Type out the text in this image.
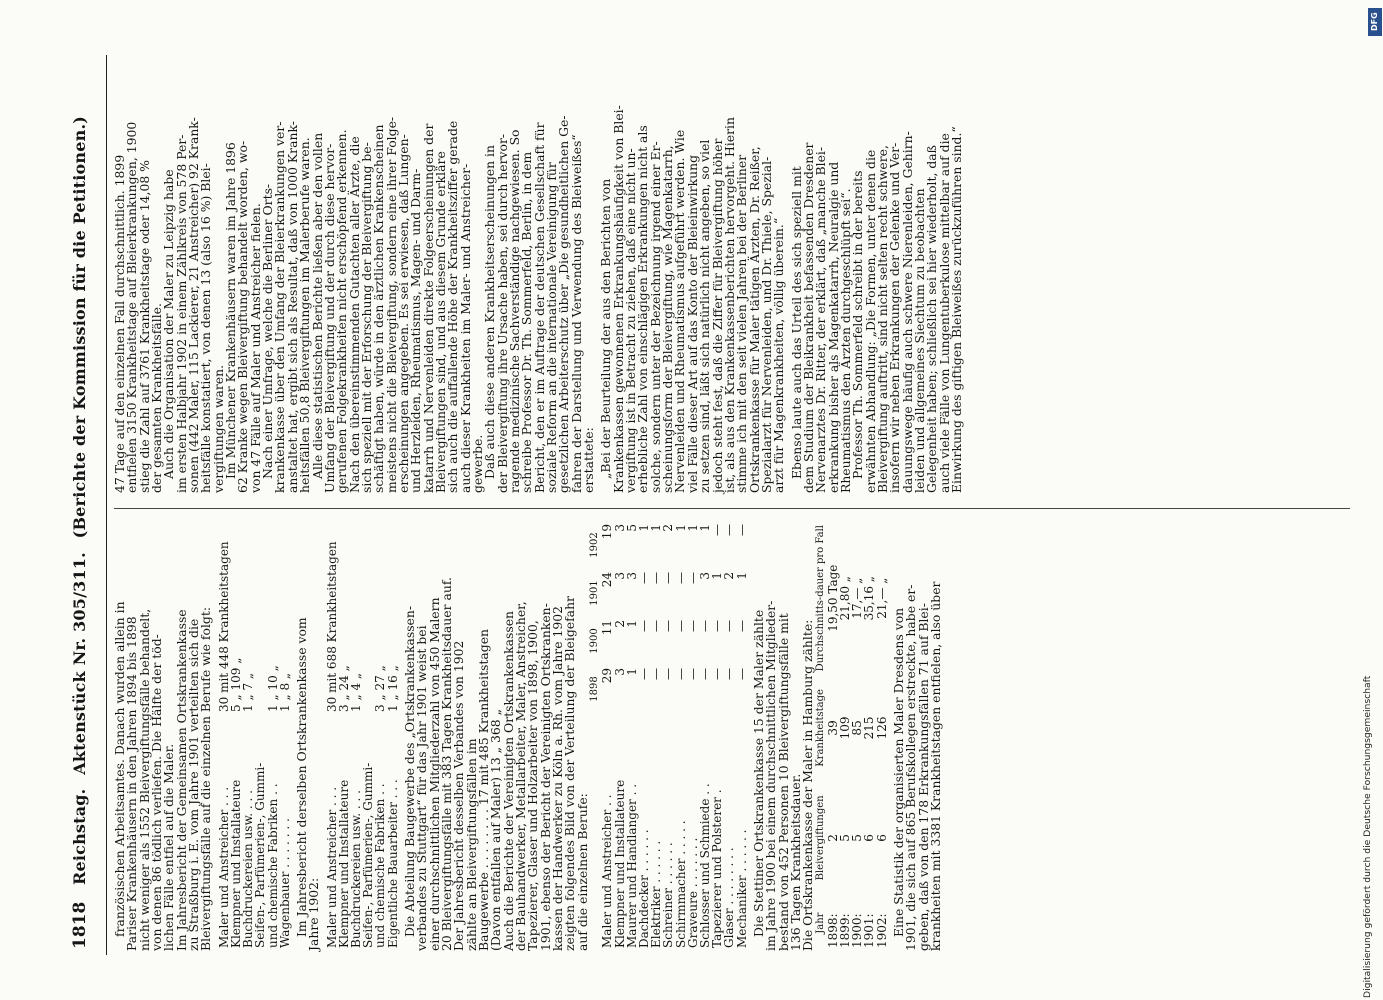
1818
Reichstag. Aktenstück Nr. 305/311. (Berichte der Kommission für die Petitionen.)
französischen Arbeitsamtes. Danach wurden allein in
Pariser Krankenhäusern in den Jahren 1894 bis 1898
nicht weniger als 1552 Bleivergiftungsfälle behandelt,
von denen 86 tödlich verliefen. Die Hälfte der töd-
lichen Fälle entfiel auf die Maler.
Im Jahresbericht der Gemeinsamen Ortskrankenkasse
zu Straßburg i. E. vom Jahre 1901 verteilten sich die
Bleivergiftungsfälle auf die einzelnen Berufe wie folgt: Maler und Anstreicher . . .	30 mit 448 Krankheitstagen
Klempner und Installateure	5 „ 109 „
Buchdruckereien usw. . . .	1 „ 7 „
Seifen-, Parfümerien-, Gummi-	
und chemische Fabriken . .	1 „ 10 „
Wagenbauer . . . . . . .	1 „ 8 „ Im Jahresbericht derselben Ortskrankenkasse vom
Jahre 1902: Maler und Anstreicher . . .	30 mit 688 Krankheitstagen
Klempner und Installateure	3 „ 24 „
Buchdruckereien usw. . . .	1 „ 4 „
Seifen-, Parfümerien-, Gummi-	
und chemische Fabriken . .	3 „ 27 „
Eigentliche Bauarbeiter . . .	1 „ 16 „ Die Abteilung Baugewerbe des „Ortskrankenkassen-
verbandes zu Stuttgart“ für das Jahr 1901 weist bei
einer durchschnittlichen Mitgliederzahl von 450 Malern
20 Bleivergiftungsfälle mit 383 Tagen Krankheitsdauer auf.
Der Jahresbericht desselben Verbandes von 1902
zählte an Bleivergiftungsfällen im
Baugewerbe . . . . . . . . 17 mit 485 Krankheitstagen
(Davon entfallen auf Maler) 13 „ 368 „
Auch die Berichte der Vereinigten Ortskrankenkassen
der Bauhandwerker, Metallarbeiter, Maler, Anstreicher,
Tapezierer, Glaser und Holzarbeiter von 1898, 1900,
1901, ebenso der Bericht der Vereinigten Ortskranken-
kassen der Handwerker zu Köln a. Rh. vom Jahre 1902
zeigten folgendes Bild von der Verteilung der Bleigefahr
auf die einzelnen Berufe:
	1898	1900	1901	1902
Maler und Anstreicher . .	29	11	24	19
Klempner und Installateure	3	2	3	3
Maurer und Handlanger . .	1	1	3	5
Dachdecker . . . . . .	—	—	—	1
Elektriker . . . . . .	—	—	—	1
Schreiner . . . . . .	—	—	—	2
Schirmmacher . . . . .	—	—	—	1
Graveure . . . . . . .	—	—	—	1
Schlosser und Schmiede . .	—	—	3	1
Tapezierer und Polsterer .	—	—	1	—
Glaser . . . . . . . .	—	—	2	—
Mechaniker . . . . . .	—	—	1	—
Die Stettiner Ortskrankenkasse 15 der Maler zählte
im Jahre 1900 bei einem durchschnittlichen Mitglieder-
bestand von 452 Personen 10 Bleivergiftungsfälle mit
136 Tagen Krankheitsdauer.
Die Ortskrankenkasse der Maler in Hamburg zählte: Jahr	Bleivergiftungen	Krankheitstage	Durchschnitts-dauer pro Fall
1898:	2	39	19,50 Tage
1899:	5	109	21,80 „
1900:	5	85	17,— „
1901:	6	215	35,16 „
1902:	6	126	21,— „
Eine Statistik der organisierten Maler Dresdens von
1901, die sich auf 865 Berufskollegen erstreckte, habe er-
geben, daß von den 178 Erkrankungsfällen 71 auf Blei-
krankheiten mit 3381 Krankheitstagen entfielen, also über
47 Tage auf den einzelnen Fall durchschnittlich. 1899
entfielen 3150 Krankheitstage auf Bleierkrankungen, 1900
stieg die Zahl auf 3761 Krankheitstage oder 14,08 %
der gesamten Krankheitsfälle.
Auch die Organisation der Maler zu Leipzig habe
im ersten Halbjahr 1902 in einem Zählkreis von 578 Per-
sonen (442 Maler, 115 Lackierer, 21 Anstreicher) 92 Krank-
heitsfälle konstatiert, von denen 13 (also 16 %) Blei-
vergiftungen waren.
Im Münchener Krankenhäusern waren im Jahre 1896
62 Kranke wegen Bleivergiftung behandelt worden, wo-
von 47 Fälle auf Maler und Anstreicher fielen.
Nach einer Umfrage, welche die Berliner Orts-
krankenkasse über den Umfang der Bleierkrankungen ver-
anstaltet hat, ergibt sich als Resultat, daß von 1000 Krank-
heitsfällen 50,8 Bleivergiftungen im Malerberufe waren.
Alle diese statistischen Berichte ließen aber den vollen
Umfang der Bleivergiftung und der durch diese hervor-
gerufenen Folgekrankheiten nicht erschöpfend erkennen.
Nach den übereinstimmenden Gutachten aller Ärzte, die
sich speziell mit der Erforschung der Bleivergiftung be-
schäftigt haben, würde in den ärztlichen Krankenscheinen
meistens nicht die Bleivergiftung, sondern eine ihrer Folge-
erscheinungen angegeben. Es sei erwiesen, daß Lungen-
und Herzleiden, Rheumatismus, Magen- und Darm-
katarrh und Nervenleiden direkte Folgeerscheinungen der
Bleivergiftungen sind, und aus diesem Grunde erkläre
sich auch die auffallende Höhe der Krankheitsziffer gerade
auch dieser Krankheiten im Maler- und Anstreicher-
gewerbe.
Daß auch diese anderen Krankheitserscheinungen in
der Bleivergiftung ihre Ursache haben, sei durch hervor-
ragende medizinische Sachverständige nachgewiesen. So
schreibe Professor Dr. Th. Sommerfeld, Berlin, in dem
Bericht, den er im Auftrage der deutschen Gesellschaft für
soziale Reform an die internationale Vereinigung für
gesetzlichen Arbeiterschutz über „Die gesundheitlichen Ge-
fahren der Darstellung und Verwendung des Bleiweißes“
erstattete: „Bei der Beurteilung der aus den Berichten von
Krankenkassen gewonnenen Erkrankungshäufigkeit von Blei-
vergiftung ist in Betracht zu ziehen, daß eine nicht un-
erhebliche Zahl von einschlägigen Erkrankungen nicht als
solche, sondern unter der Bezeichnung irgend einer Er-
scheinungsform der Bleivergiftung, wie Magenkatarrh,
Nervenleiden und Rheumatismus aufgeführt werden. Wie
viel Fälle dieser Art auf das Konto der Bleieinwirkung
zu setzen sind, läßt sich natürlich nicht angeben, so viel
jedoch steht fest, daß die Ziffer für Bleivergiftung höher
ist, als aus den Krankenkassenberichten hervorgeht. Hierin
stimme ich mit den seit vielen Jahren bei der Berliner
Ortskrankenkasse für Maler tätigen Ärzten, Dr. Reißer,
Spezialarzt für Nervenleiden, und Dr. Thiele, Spezial-
arzt für Magenkrankheiten, völlig überein.“ Ebenso laute auch das Urteil des sich speziell mit
dem Studium der Bleikrankheit befassenden Dresdener
Nervenarztes Dr. Ritter, der erklärt, daß „manche Blei-
erkrankung bisher als Magenkatarrh, Neuralgie und
Rheumatismus den Ärzten durchgeschlüpft sei“.
Professor Th. Sommerfeld schreibt in der bereits
erwähnten Abhandlung: „Die Formen, unter denen die
Bleivergiftung auftritt, sind nicht selten recht schwere,
insofern wir neben Erkrankungen der Gelenke und Ver-
dauungswege häufig auch schwere Nierenleiden, Gehirn-
leiden und allgemeines Siechtum zu beobachten
Gelegenheit haben; schließlich sei hier wiederholt, daß
auch viele Fälle von Lungentuberkulose mittelbar auf die
Einwirkung des giftigen Bleiweißes zurückzuführen sind.“
Digitalisierung gefördert durch die Deutsche Forschungsgemeinschaft
DFG
